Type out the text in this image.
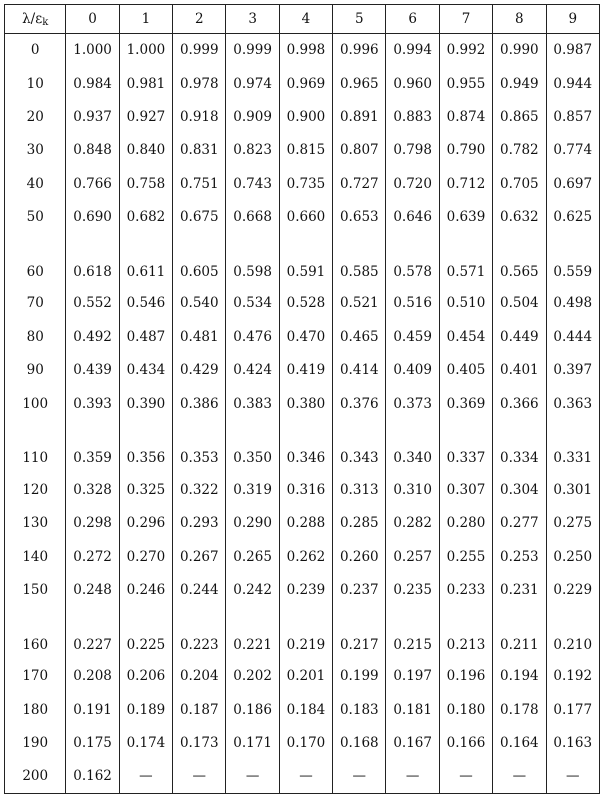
$\lambda/\varepsilon_k$	0	1	2	3	4	5	6	7	8	9
0	1.000	1.000	0.999	0.999	0.998	0.996	0.994	0.992	0.990	0.987
10	0.984	0.981	0.978	0.974	0.969	0.965	0.960	0.955	0.949	0.944
20	0.937	0.927	0.918	0.909	0.900	0.891	0.883	0.874	0.865	0.857
30	0.848	0.840	0.831	0.823	0.815	0.807	0.798	0.790	0.782	0.774
40	0.766	0.758	0.751	0.743	0.735	0.727	0.720	0.712	0.705	0.697
50	0.690	0.682	0.675	0.668	0.660	0.653	0.646	0.639	0.632	0.625
60	0.618	0.611	0.605	0.598	0.591	0.585	0.578	0.571	0.565	0.559
70	0.552	0.546	0.540	0.534	0.528	0.521	0.516	0.510	0.504	0.498
80	0.492	0.487	0.481	0.476	0.470	0.465	0.459	0.454	0.449	0.444
90	0.439	0.434	0.429	0.424	0.419	0.414	0.409	0.405	0.401	0.397
100	0.393	0.390	0.386	0.383	0.380	0.376	0.373	0.369	0.366	0.363
110	0.359	0.356	0.353	0.350	0.346	0.343	0.340	0.337	0.334	0.331
120	0.328	0.325	0.322	0.319	0.316	0.313	0.310	0.307	0.304	0.301
130	0.298	0.296	0.293	0.290	0.288	0.285	0.282	0.280	0.277	0.275
140	0.272	0.270	0.267	0.265	0.262	0.260	0.257	0.255	0.253	0.250
150	0.248	0.246	0.244	0.242	0.239	0.237	0.235	0.233	0.231	0.229
160	0.227	0.225	0.223	0.221	0.219	0.217	0.215	0.213	0.211	0.210
170	0.208	0.206	0.204	0.202	0.201	0.199	0.197	0.196	0.194	0.192
180	0.191	0.189	0.187	0.186	0.184	0.183	0.181	0.180	0.178	0.177
190	0.175	0.174	0.173	0.171	0.170	0.168	0.167	0.166	0.164	0.163
200	0.162	—	—	—	—	—	—	—	—	—
